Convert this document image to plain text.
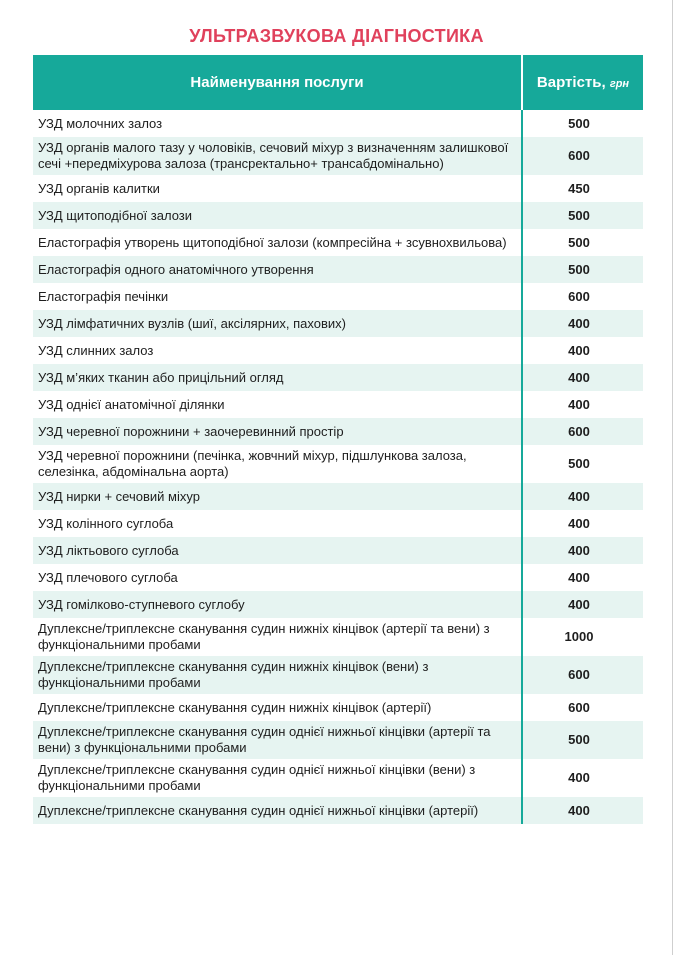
УЛЬТРАЗВУКОВА ДІАГНОСТИКА
Найменування послуги	Вартість, грн
УЗД молочних залоз	500
УЗД органів малого тазу у чоловіків, сечовий міхур з визначенням залишкової сечі +передміхурова залоза (трансректально+ трансабдомінально)	600
УЗД органів калитки	450
УЗД щитоподібної залози	500
Еластографія утворень щитоподібної залози (компресійна + зсувнохвильова)	500
Еластографія одного анатомічного утворення	500
Еластографія печінки	600
УЗД лімфатичних вузлів (шиї, аксілярних, пахових)	400
УЗД слинних залоз	400
УЗД м’яких тканин або прицільний огляд	400
УЗД однієї анатомічної ділянки	400
УЗД черевної порожнини + заочеревинний простір	600
УЗД черевної порожнини (печінка, жовчний міхур, підшлункова залоза, селезінка, абдомінальна аорта)	500
УЗД нирки + сечовий міхур	400
УЗД колінного суглоба	400
УЗД ліктьового суглоба	400
УЗД плечового суглоба	400
УЗД гомілково-ступневого суглобу	400
Дуплексне/триплексне сканування судин нижніх кінцівок (артерії та вени) з функціональними пробами	1000
Дуплексне/триплексне сканування судин нижніх кінцівок (вени) з функціональними пробами	600
Дуплексне/триплексне сканування судин нижніх кінцівок (артерії)	600
Дуплексне/триплексне сканування судин однієї нижньої кінцівки (артерії та вени) з функціональними пробами	500
Дуплексне/триплексне сканування судин однієї нижньої кінцівки (вени) з функціональними пробами	400
Дуплексне/триплексне сканування судин однієї нижньої кінцівки (артерії)	400
